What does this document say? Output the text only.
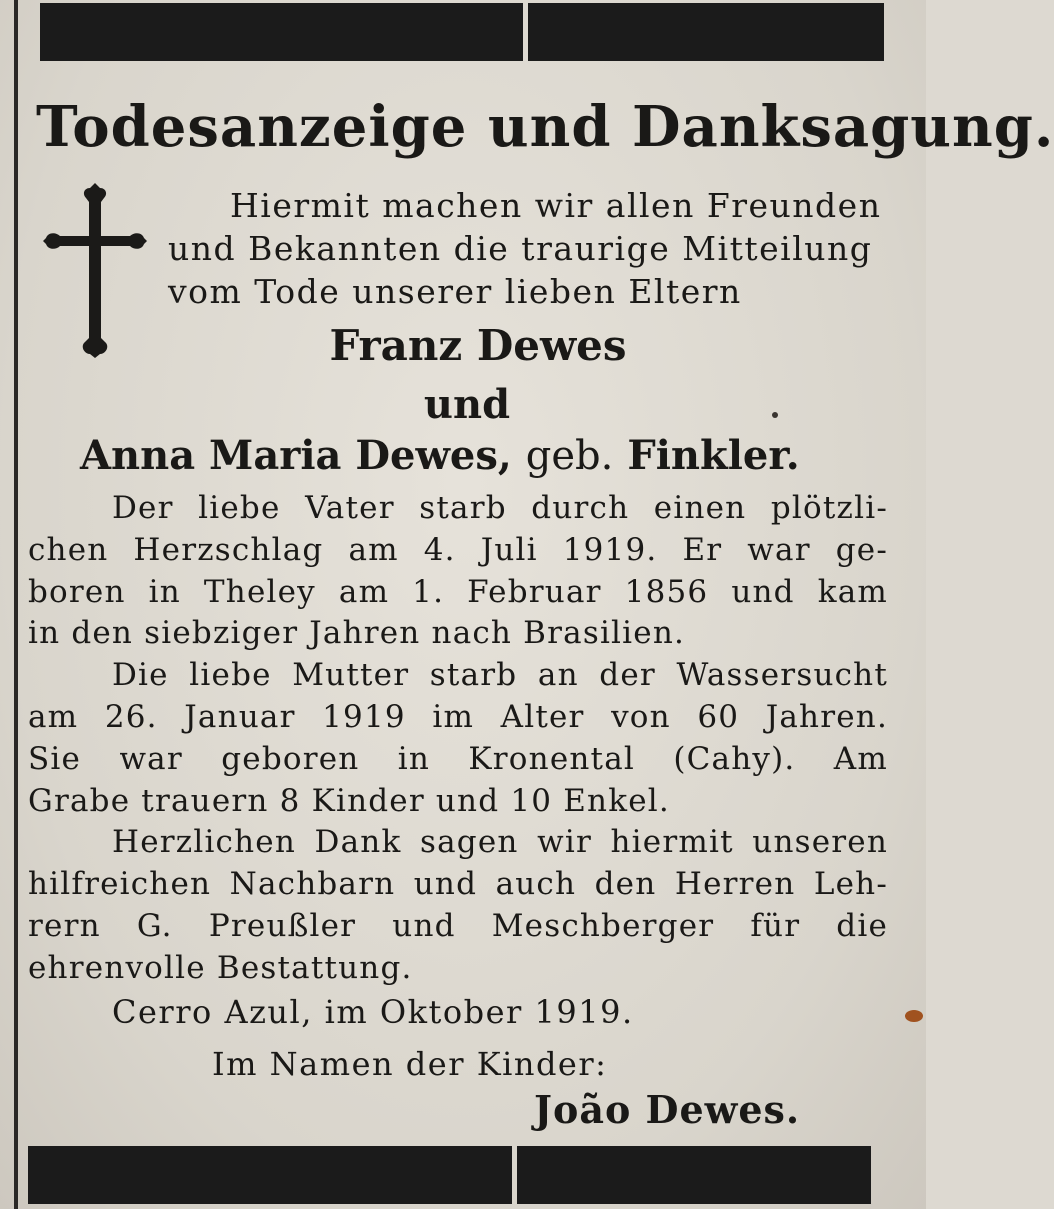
Todesanzeige und Danksagung.
Hiermit machen wir allen Freunden
und Bekannten die traurige Mitteilung
vom Tode unserer lieben Eltern
Franz Dewes
und
Anna Maria Dewes, geb. Finkler.
Der liebe Vater starb durch einen plötzli-
chen Herzschlag am 4. Juli 1919. Er war ge-
boren in Theley am 1. Februar 1856 und kam
in den siebziger Jahren nach Brasilien.
Die liebe Mutter starb an der Wassersucht
am 26. Januar 1919 im Alter von 60 Jahren.
Sie war geboren in Kronental (Cahy). Am
Grabe trauern 8 Kinder und 10 Enkel.
Herzlichen Dank sagen wir hiermit unseren
hilfreichen Nachbarn und auch den Herren Leh-
rern G. Preußler und Meschberger für die
ehrenvolle Bestattung.
Cerro Azul, im Oktober 1919.
Im Namen der Kinder:
João Dewes.
